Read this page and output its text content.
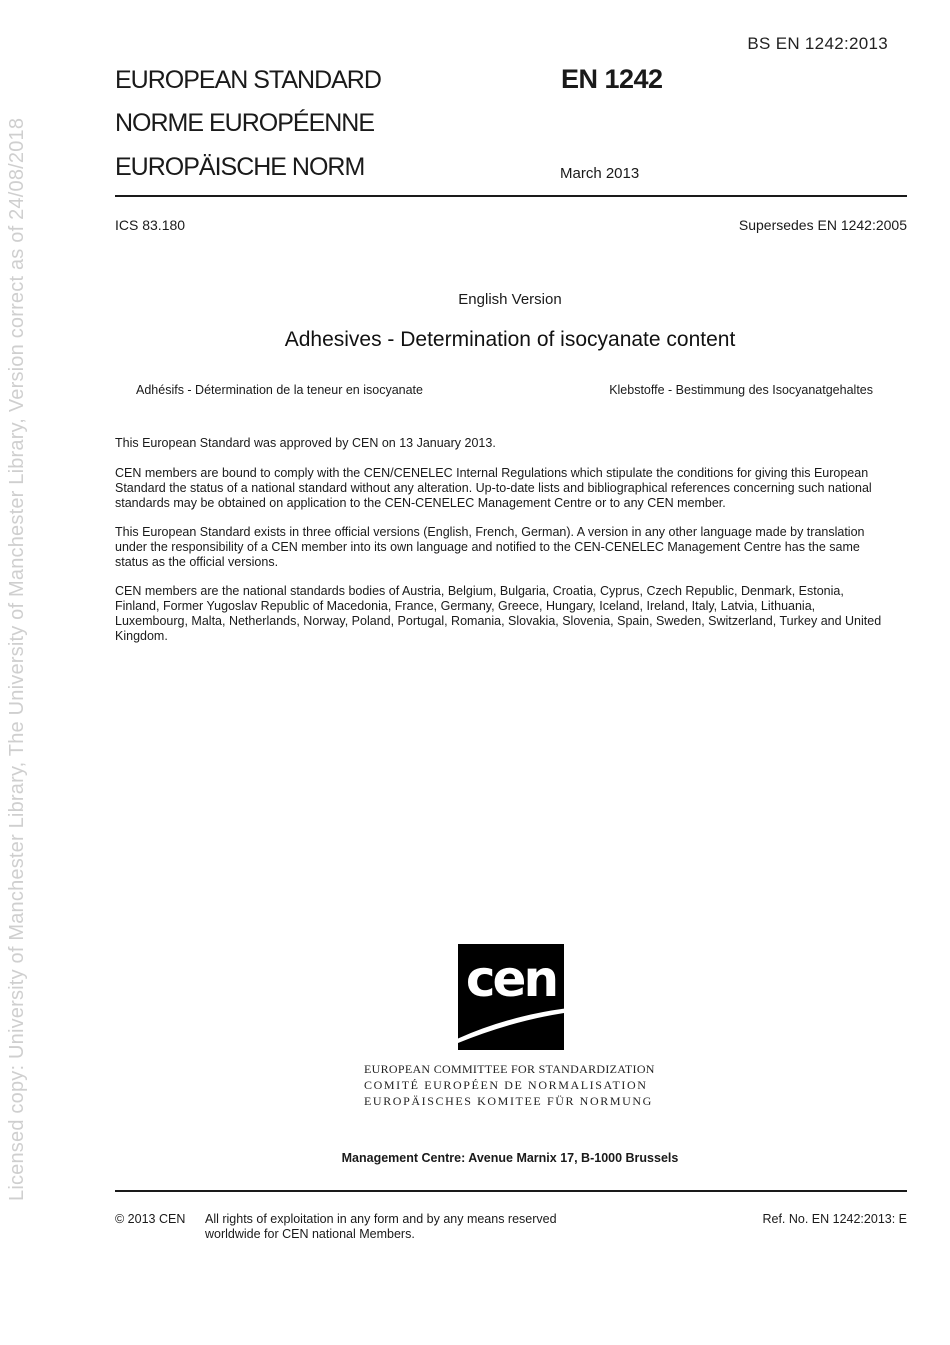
Licensed copy: University of Manchester Library, The University of Manchester Library, Version correct as of 24/08/2018
BS EN 1242:2013
EUROPEAN STANDARD
NORME EUROPÉENNE
EUROPÄISCHE NORM
EN 1242
March 2013
ICS 83.180	Supersedes EN 1242:2005
English Version
Adhesives - Determination of isocyanate content
Adhésifs - Détermination de la teneur en isocyanate	Klebstoffe - Bestimmung des Isocyanatgehaltes

This European Standard was approved by CEN on 13 January 2013.

CEN members are bound to comply with the CEN/CENELEC Internal Regulations which stipulate the conditions for giving this European

Standard the status of a national standard without any alteration. Up-to-date lists and bibliographical references concerning such national

standards may be obtained on application to the CEN-CENELEC Management Centre or to any CEN member.

This European Standard exists in three official versions (English, French, German). A version in any other language made by translation

under the responsibility of a CEN member into its own language and notified to the CEN-CENELEC Management Centre has the same

status as the official versions.

CEN members are the national standards bodies of Austria, Belgium, Bulgaria, Croatia, Cyprus, Czech Republic, Denmark, Estonia,

Finland, Former Yugoslav Republic of Macedonia, France, Germany, Greece, Hungary, Iceland, Ireland, Italy, Latvia, Lithuania,

Luxembourg, Malta, Netherlands, Norway, Poland, Portugal, Romania, Slovakia, Slovenia, Spain, Sweden, Switzerland, Turkey and United

Kingdom.

cen
EUROPEAN COMMITTEE FOR STANDARDIZATION
COMITÉ EUROPÉEN DE NORMALISATION
EUROPÄISCHES KOMITEE FÜR NORMUNG
Management Centre: Avenue Marnix 17, B-1000 Brussels
© 2013 CEN All rights of exploitation in any form and by any means reserved
worldwide for CEN national Members.
Ref. No. EN 1242:2013: E
